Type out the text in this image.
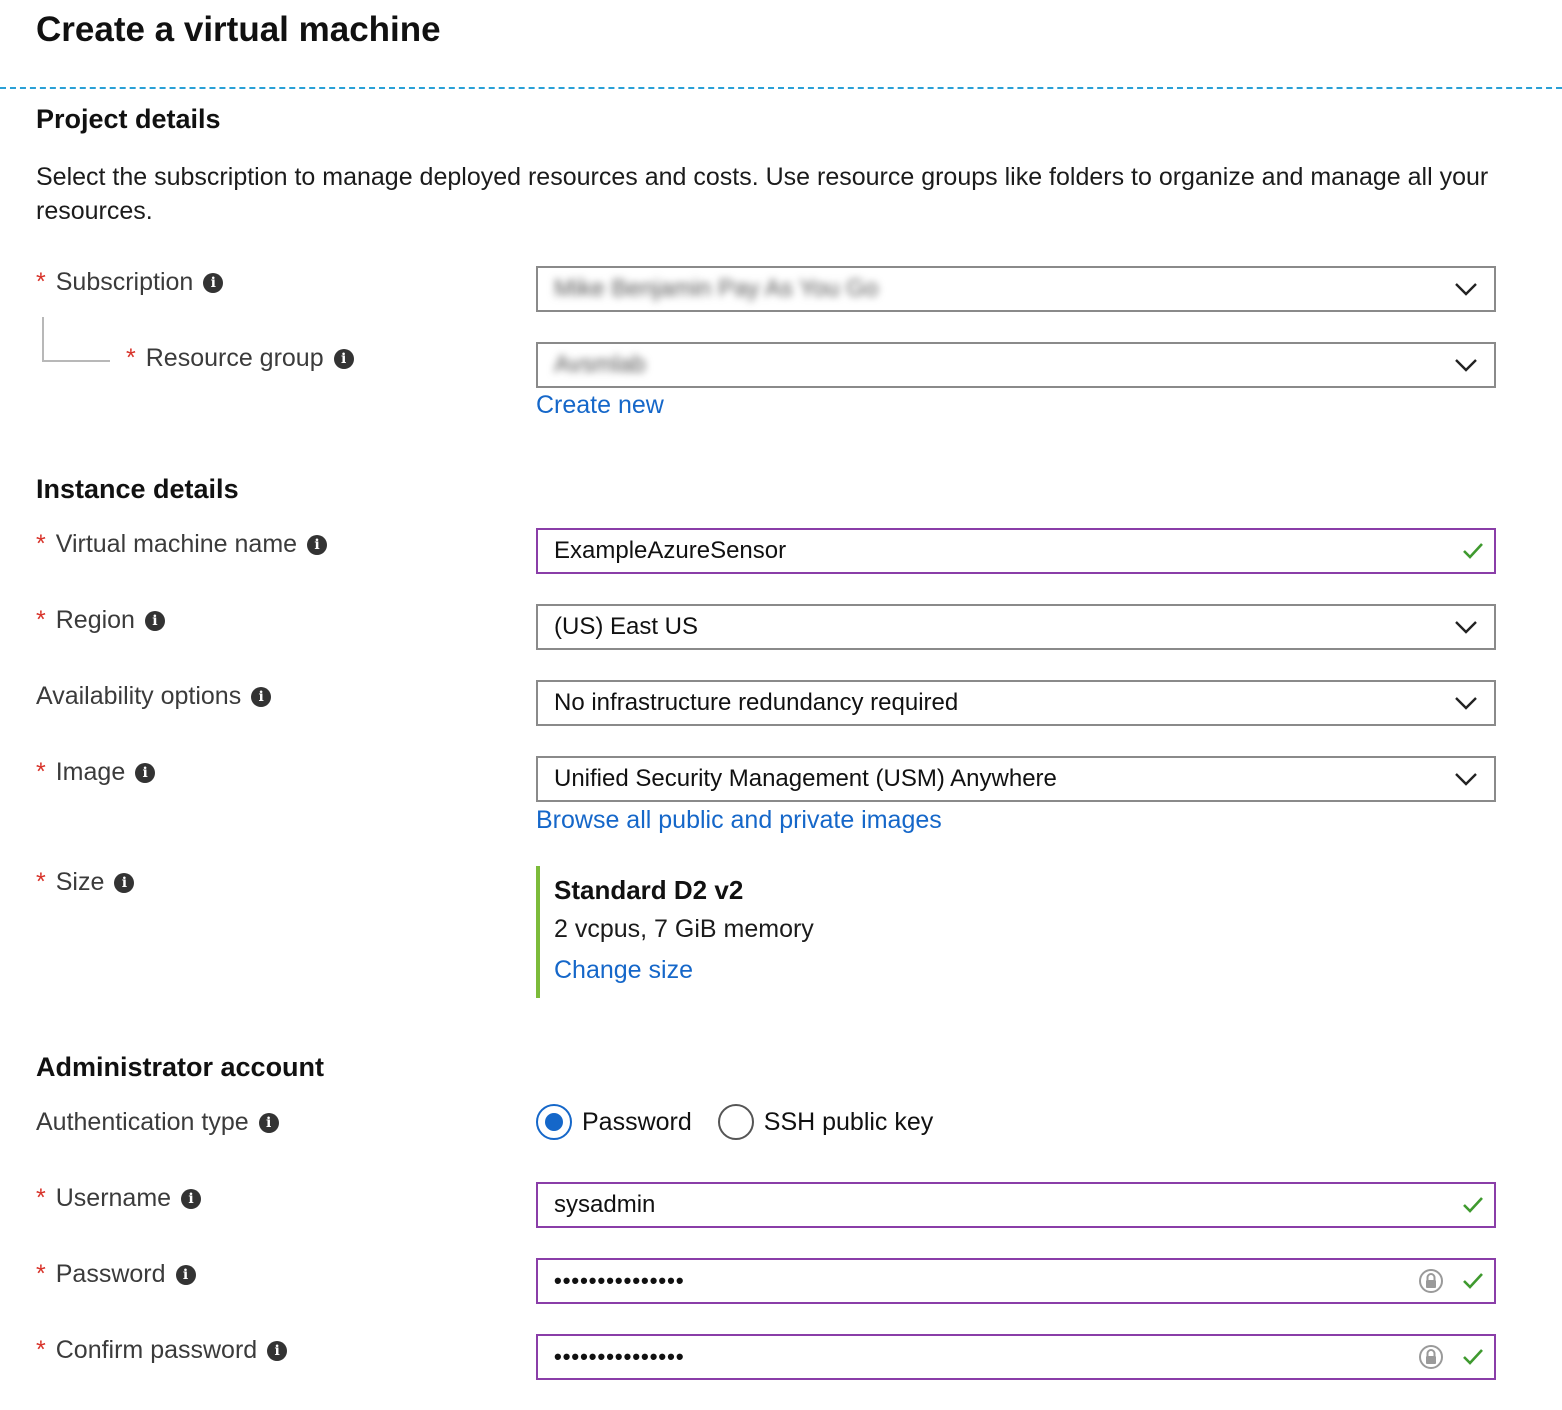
Create a virtual machine
Project details
Select the subscription to manage deployed resources and costs. Use resource groups like folders to organize and manage all your resources.
* Subscription	i	Mike Benjamin Pay As You Go
* Resource group	i	Avsmlab
Create new
Instance details
* Virtual machine name	i	ExampleAzureSensor
* Region	i	(US) East US
Availability options	i	No infrastructure redundancy required
* Image	i	Unified Security Management (USM) Anywhere
Browse all public and private images
* Size	i	Standard D2 v2
2 vcpus, 7 GiB memory
Change size
Administrator account
Authentication type	i	Password	SSH public key
* Username	i	sysadmin
* Password	i	•••••••••••••••
* Confirm password	i	•••••••••••••••
